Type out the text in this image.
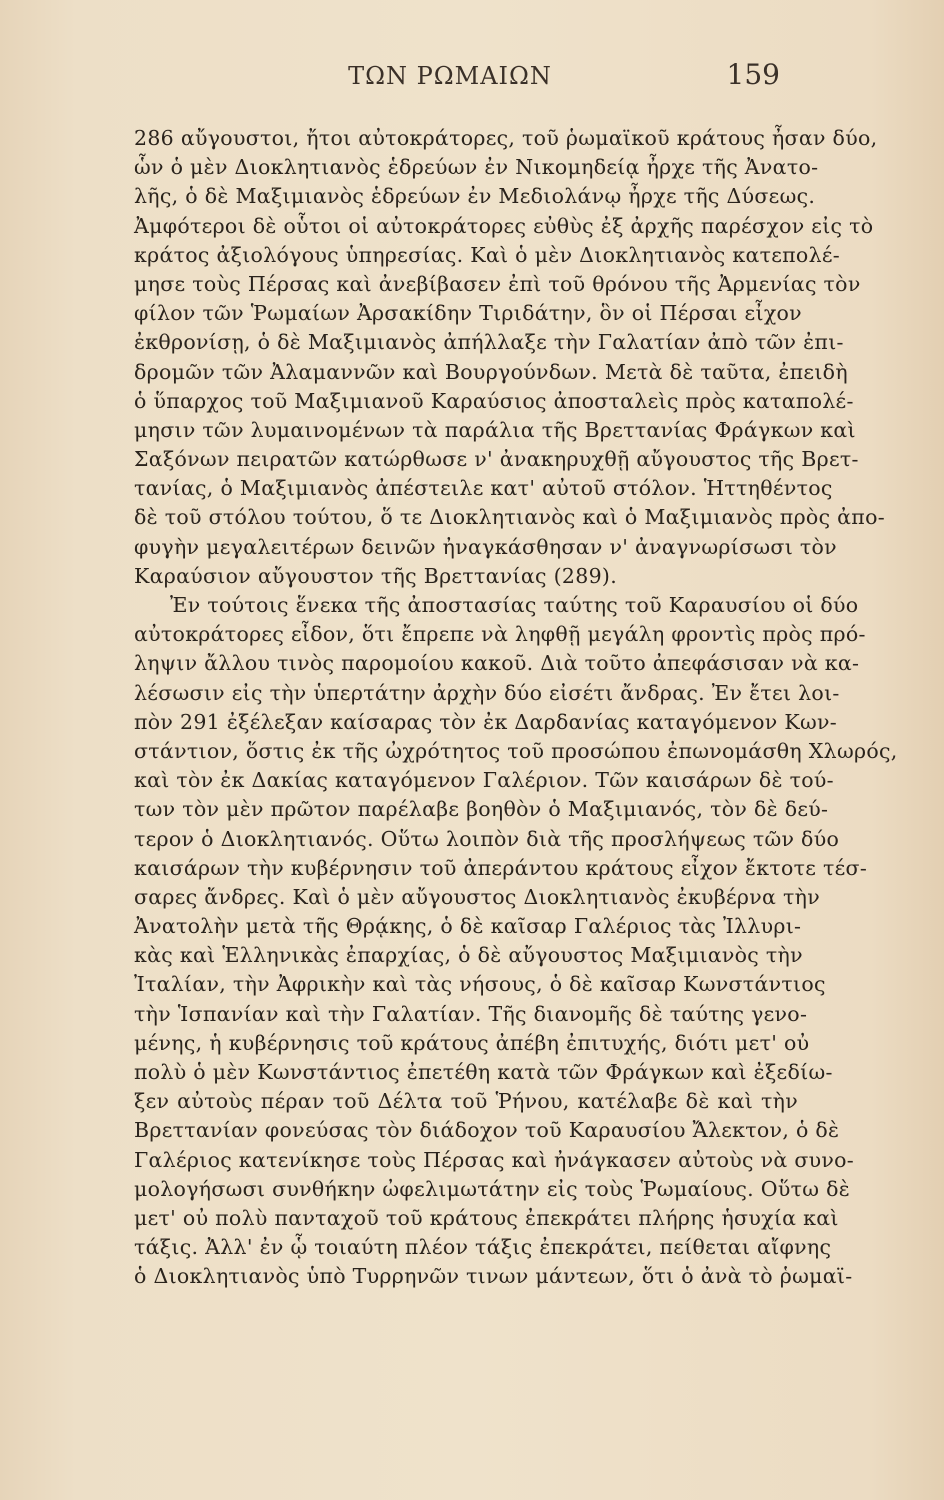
ΤΩΝ ΡΩΜΑΙΩΝ	159
286 αὔγουστοι, ἤτοι αὐτοκράτορες, τοῦ ῥωμαϊκοῦ κράτους ἦσαν δύο,
ὧν ὁ μὲν Διοκλητιανὸς ἑδρεύων ἐν Νικομηδείᾳ ἦρχε τῆς Ἀνατο-
λῆς, ὁ δὲ Μαξιμιανὸς ἑδρεύων ἐν Μεδιολάνῳ ἦρχε τῆς Δύσεως.
Ἀμφότεροι δὲ οὗτοι οἱ αὐτοκράτορες εὐθὺς ἐξ ἀρχῆς παρέσχον εἰς τὸ
κράτος ἀξιολόγους ὑπηρεσίας. Καὶ ὁ μὲν Διοκλητιανὸς κατεπολέ-
μησε τοὺς Πέρσας καὶ ἀνεβίβασεν ἐπὶ τοῦ θρόνου τῆς Ἀρμενίας τὸν
φίλον τῶν Ῥωμαίων Ἀρσακίδην Τιριδάτην, ὃν οἱ Πέρσαι εἶχον
ἐκθρονίσῃ, ὁ δὲ Μαξιμιανὸς ἀπήλλαξε τὴν Γαλατίαν ἀπὸ τῶν ἐπι-
δρομῶν τῶν Ἀλαμαννῶν καὶ Βουργούνδων. Μετὰ δὲ ταῦτα, ἐπειδὴ
ὁ ὕπαρχος τοῦ Μαξιμιανοῦ Καραύσιος ἀποσταλεὶς πρὸς καταπολέ-
μησιν τῶν λυμαινομένων τὰ παράλια τῆς Βρεττανίας Φράγκων καὶ
Σαξόνων πειρατῶν κατώρθωσε ν' ἀνακηρυχθῇ αὔγουστος τῆς Βρετ-
τανίας, ὁ Μαξιμιανὸς ἀπέστειλε κατ' αὐτοῦ στόλον. Ἡττηθέντος
δὲ τοῦ στόλου τούτου, ὅ τε Διοκλητιανὸς καὶ ὁ Μαξιμιανὸς πρὸς ἀπο-
φυγὴν μεγαλειτέρων δεινῶν ἠναγκάσθησαν ν' ἀναγνωρίσωσι τὸν
Καραύσιον αὔγουστον τῆς Βρεττανίας (289).
Ἐν τούτοις ἕνεκα τῆς ἀποστασίας ταύτης τοῦ Καραυσίου οἱ δύο
αὐτοκράτορες εἶδον, ὅτι ἔπρεπε νὰ ληφθῇ μεγάλη φροντὶς πρὸς πρό-
ληψιν ἄλλου τινὸς παρομοίου κακοῦ. Διὰ τοῦτο ἀπεφάσισαν νὰ κα-
λέσωσιν εἰς τὴν ὑπερτάτην ἀρχὴν δύο εἰσέτι ἄνδρας. Ἐν ἔτει λοι-
πὸν 291 ἐξέλεξαν καίσαρας τὸν ἐκ Δαρδανίας καταγόμενον Κων-
στάντιον, ὅστις ἐκ τῆς ὠχρότητος τοῦ προσώπου ἐπωνομάσθη Χλωρός,
καὶ τὸν ἐκ Δακίας καταγόμενον Γαλέριον. Τῶν καισάρων δὲ τού-
των τὸν μὲν πρῶτον παρέλαβε βοηθὸν ὁ Μαξιμιανός, τὸν δὲ δεύ-
τερον ὁ Διοκλητιανός. Οὕτω λοιπὸν διὰ τῆς προσλήψεως τῶν δύο
καισάρων τὴν κυβέρνησιν τοῦ ἀπεράντου κράτους εἶχον ἔκτοτε τέσ-
σαρες ἄνδρες. Καὶ ὁ μὲν αὔγουστος Διοκλητιανὸς ἐκυβέρνα τὴν
Ἀνατολὴν μετὰ τῆς Θρᾴκης, ὁ δὲ καῖσαρ Γαλέριος τὰς Ἰλλυρι-
κὰς καὶ Ἑλληνικὰς ἐπαρχίας, ὁ δὲ αὔγουστος Μαξιμιανὸς τὴν
Ἰταλίαν, τὴν Ἀφρικὴν καὶ τὰς νήσους, ὁ δὲ καῖσαρ Κωνστάντιος
τὴν Ἱσπανίαν καὶ τὴν Γαλατίαν. Τῆς διανομῆς δὲ ταύτης γενο-
μένης, ἡ κυβέρνησις τοῦ κράτους ἀπέβη ἐπιτυχής, διότι μετ' οὐ
πολὺ ὁ μὲν Κωνστάντιος ἐπετέθη κατὰ τῶν Φράγκων καὶ ἐξεδίω-
ξεν αὐτοὺς πέραν τοῦ Δέλτα τοῦ Ῥήνου, κατέλαβε δὲ καὶ τὴν
Βρεττανίαν φονεύσας τὸν διάδοχον τοῦ Καραυσίου Ἄλεκτον, ὁ δὲ
Γαλέριος κατενίκησε τοὺς Πέρσας καὶ ἠνάγκασεν αὐτοὺς νὰ συνο-
μολογήσωσι συνθήκην ὠφελιμωτάτην εἰς τοὺς Ῥωμαίους. Οὕτω δὲ
μετ' οὐ πολὺ πανταχοῦ τοῦ κράτους ἐπεκράτει πλήρης ἡσυχία καὶ
τάξις. Ἀλλ' ἐν ᾧ τοιαύτη πλέον τάξις ἐπεκράτει, πείθεται αἴφνης
ὁ Διοκλητιανὸς ὑπὸ Τυρρηνῶν τινων μάντεων, ὅτι ὁ ἀνὰ τὸ ῥωμαϊ-
